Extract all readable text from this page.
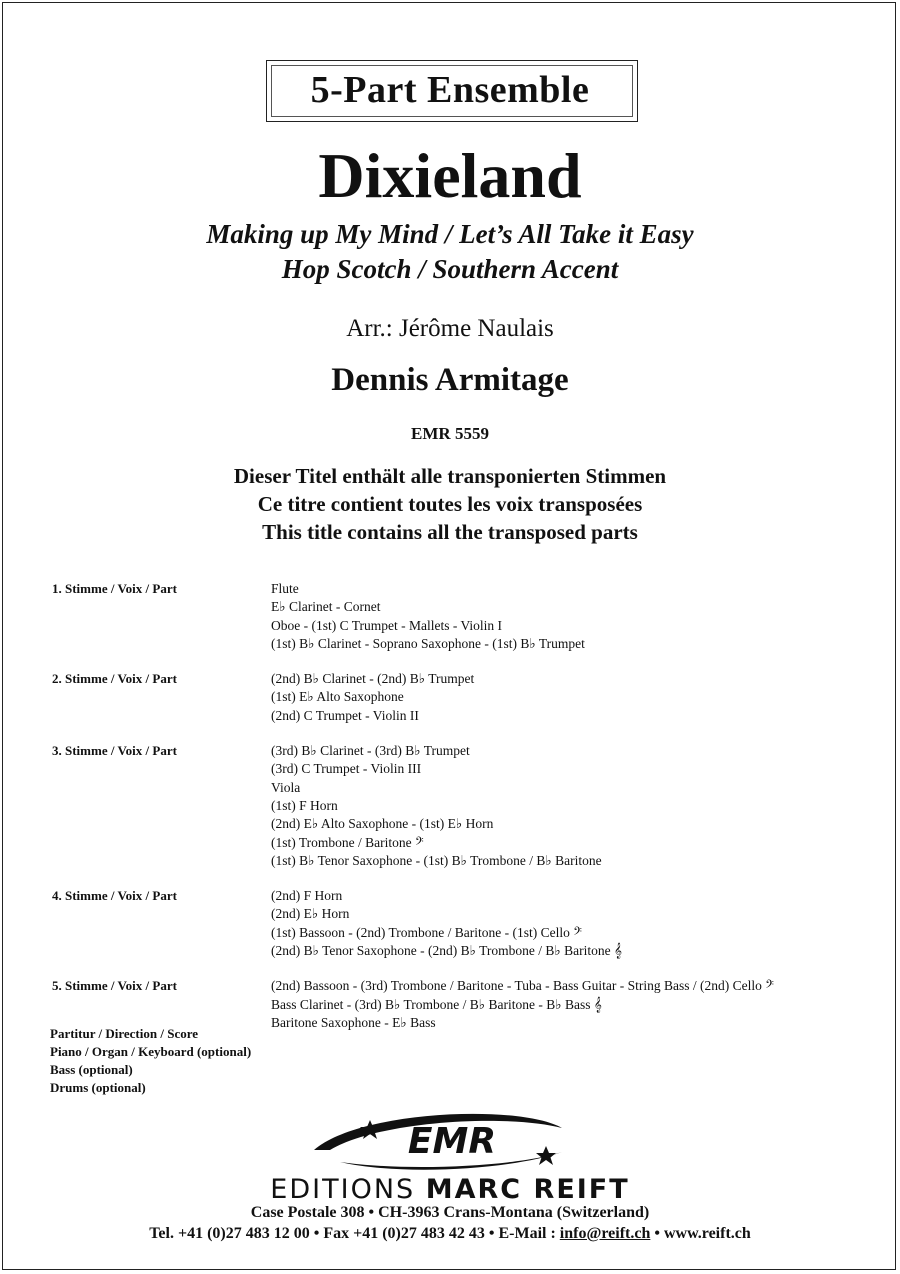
5-Part Ensemble
Dixieland
Making up My Mind / Let’s All Take it Easy
Hop Scotch / Southern Accent
Arr.: Jérôme Naulais
Dennis Armitage
EMR 5559
Dieser Titel enthält alle transponierten Stimmen
Ce titre contient toutes les voix transposées
This title contains all the transposed parts
1. Stimme / Voix / Part	Flute
E♭ Clarinet - Cornet
Oboe - (1st) C Trumpet - Mallets - Violin I
(1st) B♭ Clarinet - Soprano Saxophone - (1st) B♭ Trumpet
2. Stimme / Voix / Part	(2nd) B♭ Clarinet - (2nd) B♭ Trumpet
(1st) E♭ Alto Saxophone
(2nd) C Trumpet - Violin II
3. Stimme / Voix / Part	(3rd) B♭ Clarinet - (3rd) B♭ Trumpet
(3rd) C Trumpet - Violin III
Viola
(1st) F Horn
(2nd) E♭ Alto Saxophone - (1st) E♭ Horn
(1st) Trombone / Baritone 𝄢
(1st) B♭ Tenor Saxophone - (1st) B♭ Trombone / B♭ Baritone
4. Stimme / Voix / Part	(2nd) F Horn
(2nd) E♭ Horn
(1st) Bassoon - (2nd) Trombone / Baritone - (1st) Cello 𝄢
(2nd) B♭ Tenor Saxophone - (2nd) B♭ Trombone / B♭ Baritone 𝄞
5. Stimme / Voix / Part	(2nd) Bassoon - (3rd) Trombone / Baritone - Tuba - Bass Guitar - String Bass / (2nd) Cello 𝄢
Bass Clarinet - (3rd) B♭ Trombone / B♭ Baritone - B♭ Bass 𝄞
Baritone Saxophone - E♭ Bass
Partitur / Direction / Score
Piano / Organ / Keyboard (optional)
Bass (optional)
Drums (optional)
EMR
EDITIONS MARC REIFT
Case Postale 308 • CH-3963 Crans-Montana (Switzerland)
Tel. +41 (0)27 483 12 00 • Fax +41 (0)27 483 42 43 • E-Mail : info@reift.ch • www.reift.ch
